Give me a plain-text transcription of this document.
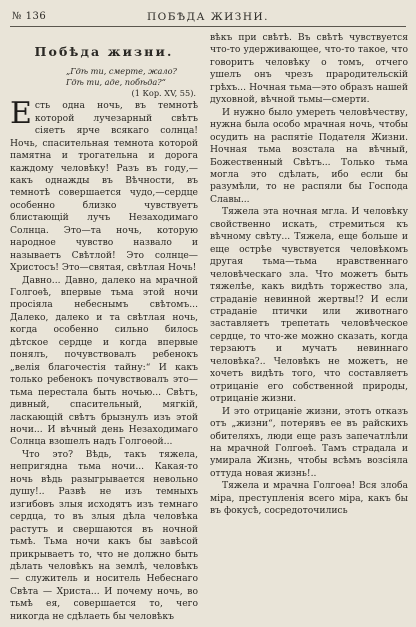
№ 136	ПОБѢДА ЖИЗНИ.
Побѣда жизни.
„Гдѣ ти, смерте, жало?
Гдѣ ти, аде, побѣда?“
(1 Кор. XV, 55).

Есть одна ночь, въ темнотѣ которой лучезарный свѣтъ сіяетъ ярче всякаго солнца! Ночь, спасительная темнота которой памятна и трогательна и дорога каждому человѣку! Разъ въ году,—какъ однажды въ Вѣчности, въ темнотѣ совершается чудо,—сердце особенно близко чувствуетъ блистающій лучъ Незаходимаго Солнца. Это—та ночь, которую народное чувство назвало и называетъ Свѣтлой! Это солнце—Христосъ! Это—святая, свѣтлая Ночь!

Давно... Давно, далеко на мрачной Голгоѳѣ, впервые тьма этой ночи просіяла небеснымъ свѣтомъ... Далеко, далеко и та свѣтлая ночь, когда особенно сильно билось дѣтское сердце и когда впервые понялъ, почувствовалъ ребенокъ „велія благочестія тайну:“ И какъ только ребенокъ почувствовалъ это—тьма перестала быть ночью... Свѣтъ, дивный, спасительный, мягкій, ласкающій свѣтъ брызнулъ изъ этой ночи... И вѣчный день Незаходимаго Солнца взошелъ надъ Голгоѳой...

Что это? Вѣдь, такъ тяжела, непригядна тьма ночи... Какая-то ночь вѣдь разыгрывается невольно душу!.. Развѣ не изъ темныхъ изгибовъ злыя исходятъ изъ темнаго сердца, то въ злыя дѣла человѣка растутъ и свершаются въ ночной тьмѣ. Тьма ночи какъ бы завѣсой прикрываетъ то, что не должно быть дѣлать человѣкъ на землѣ, человѣкъ — служитель и носитель Небеснаго Свѣта — Христа... И почему ночь, во тьмѣ ея, совершается то, чего никогда не сдѣлаеть бы человѣкъ

вѣкъ при свѣтѣ. Въ свѣтѣ чувствуется что-то удерживающее, что-то такое, что говоритъ человѣку о томъ, отчего ушелъ онъ чрезъ прародительскій грѣхъ... Ночная тьма—это образъ нашей духовной, вѣчной тьмы—смерти.

И нужно было умереть человѣчеству, нужна была особо мрачная ночь, чтобы осудить на распятіе Подателя Жизни. Ночная тьма возстала на вѣчный, Божественный Свѣтъ... Только тьма могла это сдѣлать, ибо если бы разумѣли, то не распяли бы Господа Славы...

Тяжела эта ночная мгла. И человѣку свойственно искать, стремиться къ вѣчному свѣту... Тяжела, еще больше и еще острѣе чувствуется человѣкомъ другая тьма—тьма нравственнаго человѣческаго зла. Что можетъ быть тяжелѣе, какъ видѣть торжество зла, страданіе невинной жертвы!? И если страданіе птички или животнаго заставляетъ трепетать человѣческое сердце, то что-же можно сказать, когда терзаютъ и мучатъ невиннаго человѣка?.. Человѣкъ не можетъ, не хочетъ видѣть того, что составляетъ отрицаніе его собственной природы, отрицаніе жизни.

И это отрицаніе жизни, этотъ отказъ отъ „жизни“, потерявъ ее въ райскихъ обителяхъ, люди еще разъ запечатлѣли на мрачной Голгоѳѣ. Тамъ страдала и умирала Жизнь, чтобы всѣмъ возсіяла оттуда новая жизнь!..

Тяжела и мрачна Голгоѳа! Вся злоба міра, преступленія всего міра, какъ бы въ фокусѣ, сосредоточились
